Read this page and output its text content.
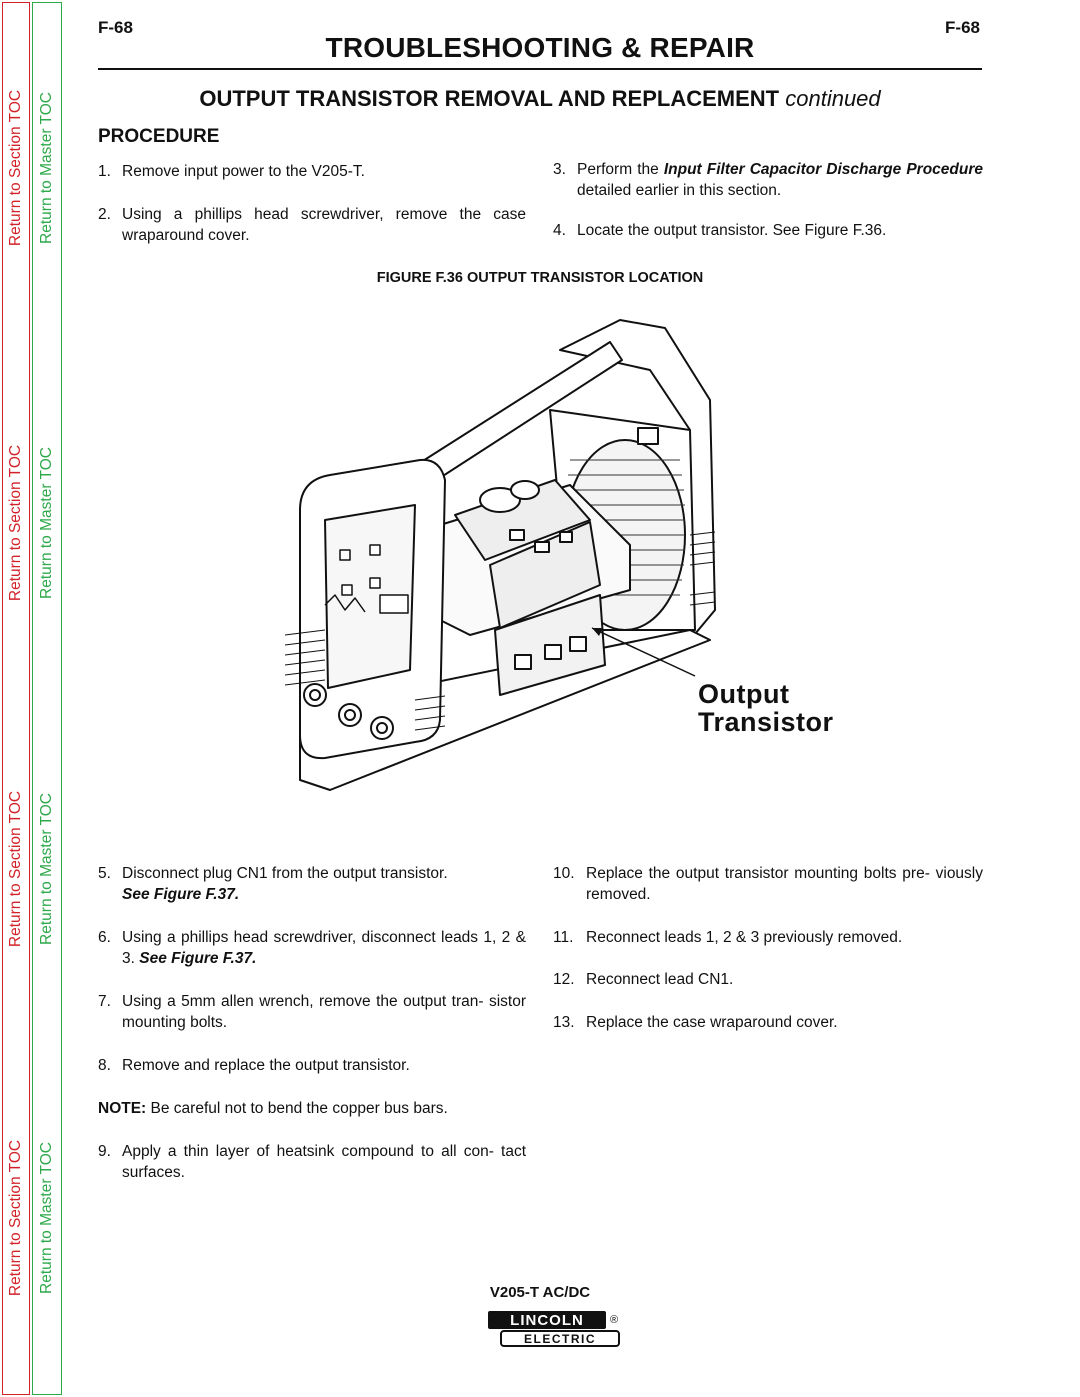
Return to Section TOC
Return to Section TOC
Return to Section TOC
Return to Section TOC
Return to Master TOC
Return to Master TOC
Return to Master TOC
Return to Master TOC
F-68	F-68
TROUBLESHOOTING & REPAIR
OUTPUT TRANSISTOR REMOVAL AND REPLACEMENT continued
PROCEDURE
1. Remove input power to the V205-T.
2. Using a phillips head screwdriver, remove the case wraparound cover.
3. Perform the Input Filter Capacitor Discharge Procedure detailed earlier in this section.
4. Locate the output transistor. See Figure F.36.
FIGURE F.36 OUTPUT TRANSISTOR LOCATION
Output
Transistor
5. Disconnect plug CN1 from the output transistor.
See Figure F.37.
6. Using a phillips head screwdriver, disconnect leads 1, 2 & 3. See Figure F.37.
7. Using a 5mm allen wrench, remove the output tran- sistor mounting bolts.
8. Remove and replace the output transistor.
NOTE: Be careful not to bend the copper bus bars.
9. Apply a thin layer of heatsink compound to all con- tact surfaces.
10. Replace the output transistor mounting bolts pre- viously removed.
11. Reconnect leads 1, 2 & 3 previously removed.
12. Reconnect lead CN1.
13. Replace the case wraparound cover.
V205-T AC/DC
LINCOLN ®
ELECTRIC
